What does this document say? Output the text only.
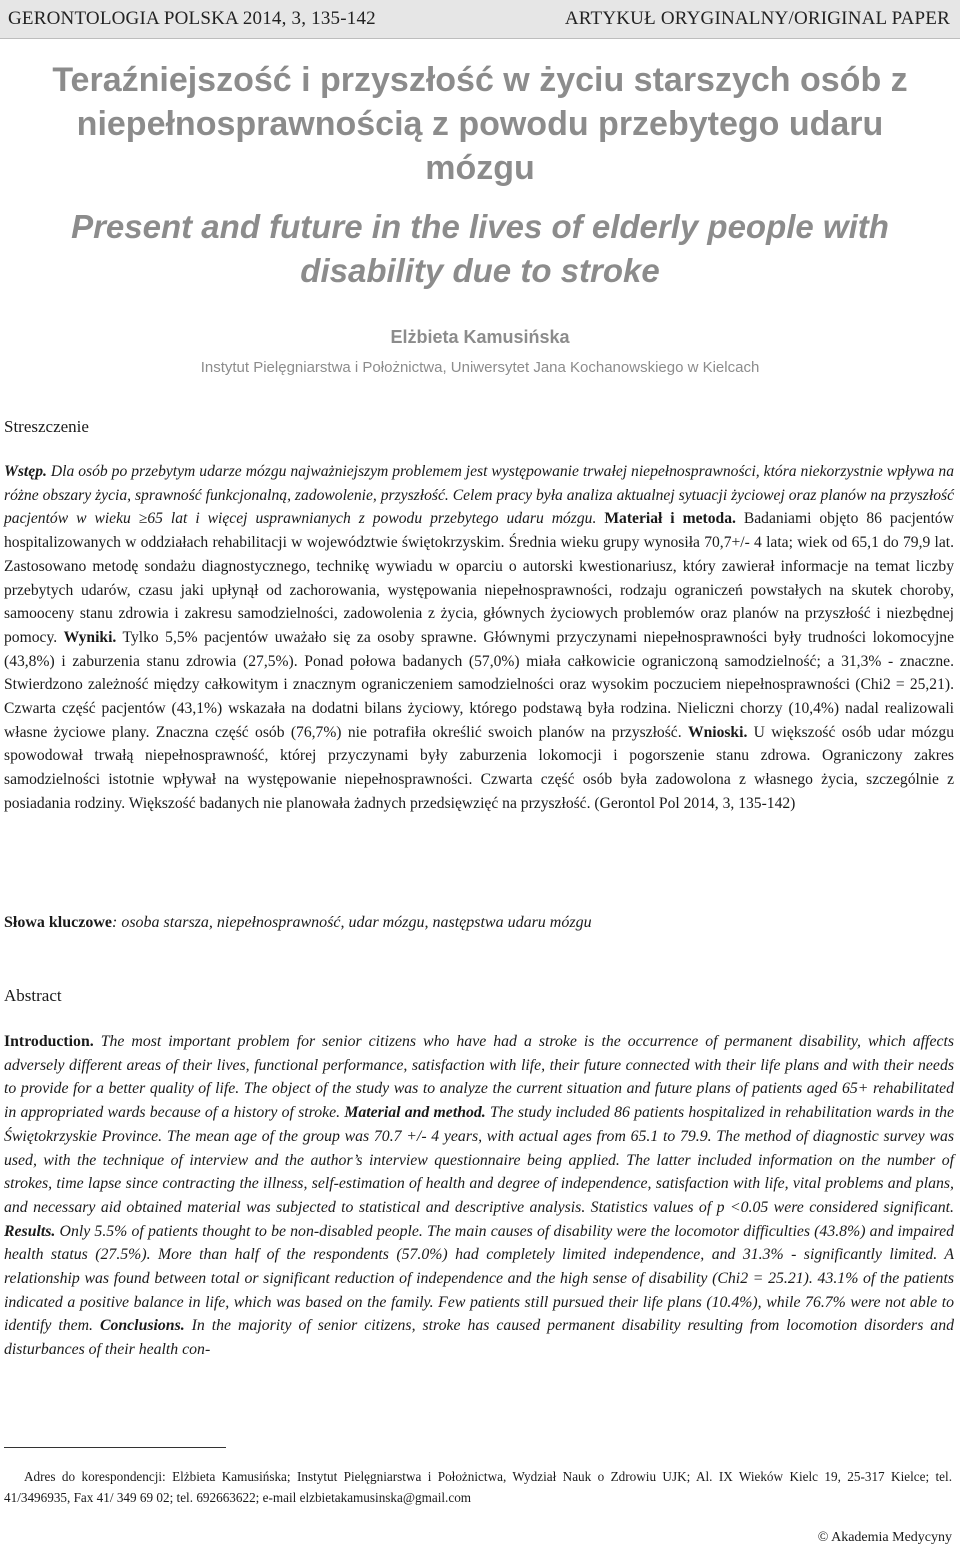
GERONTOLOGIA POLSKA 2014, 3, 135-142	ARTYKUŁ ORYGINALNY/ORIGINAL PAPER
Teraźniejszość i przyszłość w życiu starszych osób z niepełnosprawnością z powodu przebytego udaru mózgu
Present and future in the lives of elderly people with disability due to stroke
Elżbieta Kamusińska
Instytut Pielęgniarstwa i Położnictwa, Uniwersytet Jana Kochanowskiego w Kielcach
Streszczenie
Wstęp. Dla osób po przebytym udarze mózgu najważniejszym problemem jest występowanie trwałej niepełnosprawności, która niekorzystnie wpływa na różne obszary życia, sprawność funkcjonalną, zadowolenie, przyszłość. Celem pracy była analiza aktualnej sytuacji życiowej oraz planów na przyszłość pacjentów w wieku ≥65 lat i więcej usprawnianych z powodu przebytego udaru mózgu. Materiał i metoda. Badaniami objęto 86 pacjentów hospitalizowanych w oddziałach rehabilitacji w województwie świętokrzyskim. Średnia wieku grupy wynosiła 70,7+/- 4 lata; wiek od 65,1 do 79,9 lat. Zastosowano metodę sondażu diagnostycznego, technikę wywiadu w oparciu o autorski kwestionariusz, który zawierał informacje na temat liczby przebytych udarów, czasu jaki upłynął od zachorowania, występowania niepełnosprawności, rodzaju ograniczeń powstałych na skutek choroby, samooceny stanu zdrowia i zakresu samodzielności, zadowolenia z życia, głównych życiowych problemów oraz planów na przyszłość i niezbędnej pomocy. Wyniki. Tylko 5,5% pacjentów uważało się za osoby sprawne. Głównymi przyczynami niepełnosprawności były trudności lokomocyjne (43,8%) i zaburzenia stanu zdrowia (27,5%). Ponad połowa badanych (57,0%) miała całkowicie ograniczoną samodzielność; a 31,3% - znaczne. Stwierdzono zależność między całkowitym i znacznym ograniczeniem samodzielności oraz wysokim poczuciem niepełnosprawności (Chi2 = 25,21). Czwarta część pacjentów (43,1%) wskazała na dodatni bilans życiowy, którego podstawą była rodzina. Nieliczni chorzy (10,4%) nadal realizowali własne życiowe plany. Znaczna część osób (76,7%) nie potrafiła określić swoich planów na przyszłość. Wnioski. U większość osób udar mózgu spowodował trwałą niepełnosprawność, której przyczynami były zaburzenia lokomocji i pogorszenie stanu zdrowa. Ograniczony zakres samodzielności istotnie wpływał na występowanie niepełnosprawności. Czwarta część osób była zadowolona z własnego życia, szczególnie z posiadania rodziny. Większość badanych nie planowała żadnych przedsięwzięć na przyszłość. (Gerontol Pol 2014, 3, 135-142)
Słowa kluczowe: osoba starsza, niepełnosprawność, udar mózgu, następstwa udaru mózgu
Abstract
Introduction. The most important problem for senior citizens who have had a stroke is the occurrence of permanent disability, which affects adversely different areas of their lives, functional performance, satisfaction with life, their future connected with their life plans and with their needs to provide for a better quality of life. The object of the study was to analyze the current situation and future plans of patients aged 65+ rehabilitated in appropriated wards because of a history of stroke. Material and method. The study included 86 patients hospitalized in rehabilitation wards in the Świętokrzyskie Province. The mean age of the group was 70.7 +/- 4 years, with actual ages from 65.1 to 79.9. The method of diagnostic survey was used, with the technique of interview and the author’s interview questionnaire being applied. The latter included information on the number of strokes, time lapse since contracting the illness, self-estimation of health and degree of independence, satisfaction with life, vital problems and plans, and necessary aid obtained material was subjected to statistical and descriptive analysis. Statistics values of p <0.05 were considered significant. Results. Only 5.5% of patients thought to be non-disabled people. The main causes of disability were the locomotor difficulties (43.8%) and impaired health status (27.5%). More than half of the respondents (57.0%) had completely limited independence, and 31.3% - significantly limited. A relationship was found between total or significant reduction of independence and the high sense of disability (Chi2 = 25.21). 43.1% of the patients indicated a positive balance in life, which was based on the family. Few patients still pursued their life plans (10.4%), while 76.7% were not able to identify them. Conclusions. In the majority of senior citizens, stroke has caused permanent disability resulting from locomotion disorders and disturbances of their health con-
Adres do korespondencji: Elżbieta Kamusińska; Instytut Pielęgniarstwa i Położnictwa, Wydział Nauk o Zdrowiu UJK; Al. IX Wieków Kielc 19, 25-317 Kielce; tel. 41/3496935, Fax 41/ 349 69 02; tel. 692663622; e-mail elzbietakamusinska@gmail.com
© Akademia Medycyny
